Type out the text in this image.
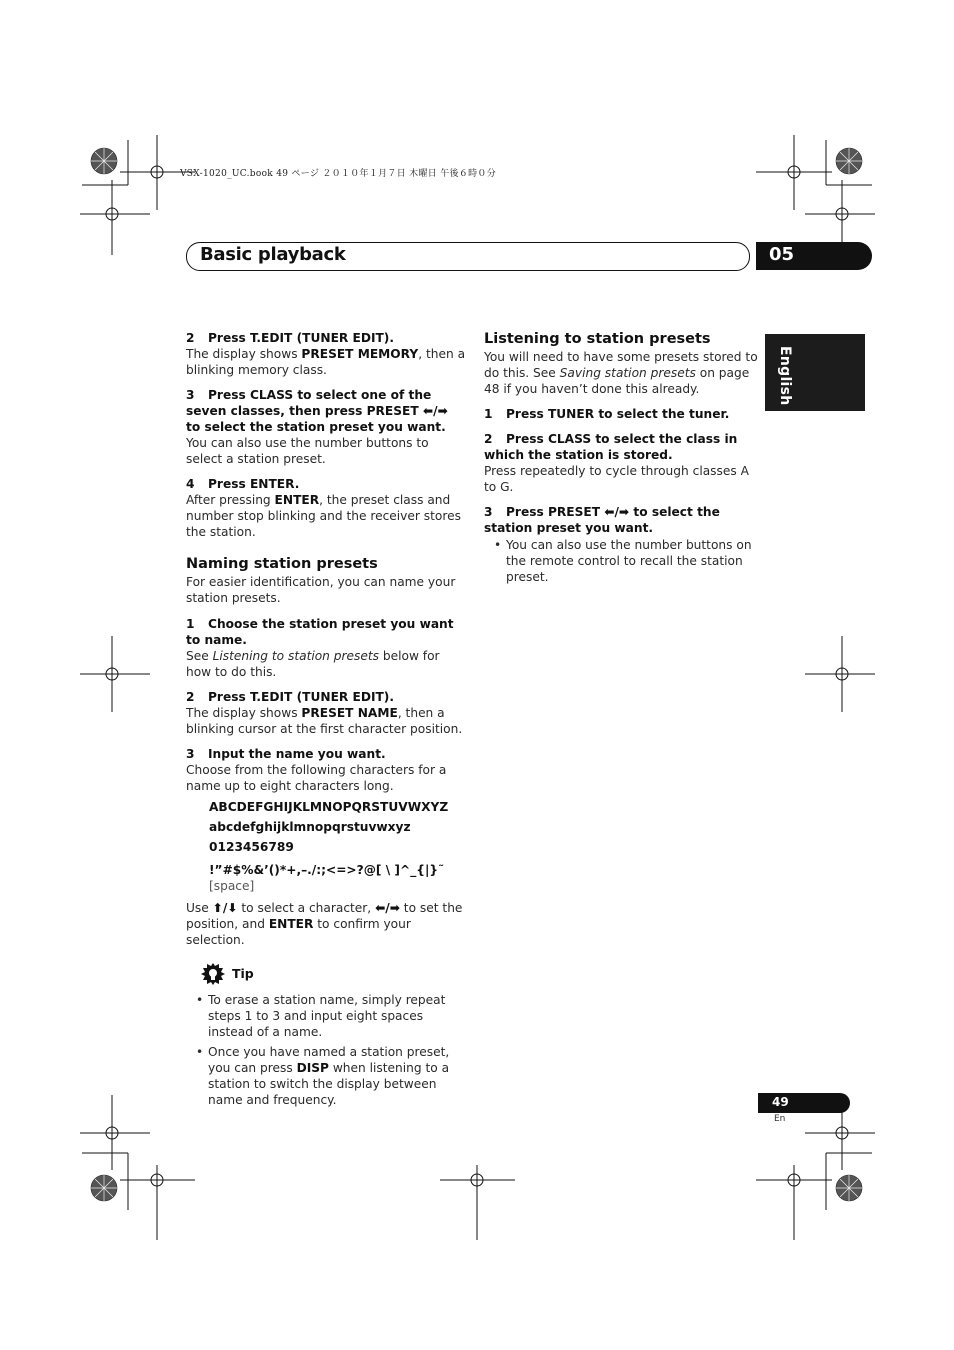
VSX-1020_UC.book 49 ページ ２０１０年１月７日 木曜日 午後６時０分
Basic playback	05
English

2 Press T.EDIT (TUNER EDIT).

The display shows PRESET MEMORY, then a blinking memory class.

3 Press CLASS to select one of the seven classes, then press PRESET ⬅/➡ to select the station preset you want.

You can also use the number buttons to select a station preset.

4 Press ENTER.

After pressing ENTER, the preset class and number stop blinking and the receiver stores the station.

Naming station presets

For easier identification, you can name your station presets.

1 Choose the station preset you want to name.

See Listening to station presets below for how to do this.

2 Press T.EDIT (TUNER EDIT).

The display shows PRESET NAME, then a blinking cursor at the first character position.

3 Input the name you want.

Choose from the following characters for a name up to eight characters long.

ABCDEFGHIJKLMNOPQRSTUVWXYZ

abcdefghijklmnopqrstuvwxyz

0123456789

!”#$%&’()*+,–./:;<=>?@[ \ ]^_{|}˜ [space]

Use ⬆/⬇ to select a character, ⬅/➡ to set the position, and ENTER to confirm your selection.

Tip

• To erase a station name, simply repeat steps 1 to 3 and input eight spaces instead of a name.

• Once you have named a station preset, you can press DISP when listening to a station to switch the display between name and frequency.

Listening to station presets

You will need to have some presets stored to do this. See Saving station presets on page 48 if you haven’t done this already.

1 Press TUNER to select the tuner.

2 Press CLASS to select the class in which the station is stored.

Press repeatedly to cycle through classes A to G.

3 Press PRESET ⬅/➡ to select the station preset you want.

• You can also use the number buttons on the remote control to recall the station preset.

49
En
